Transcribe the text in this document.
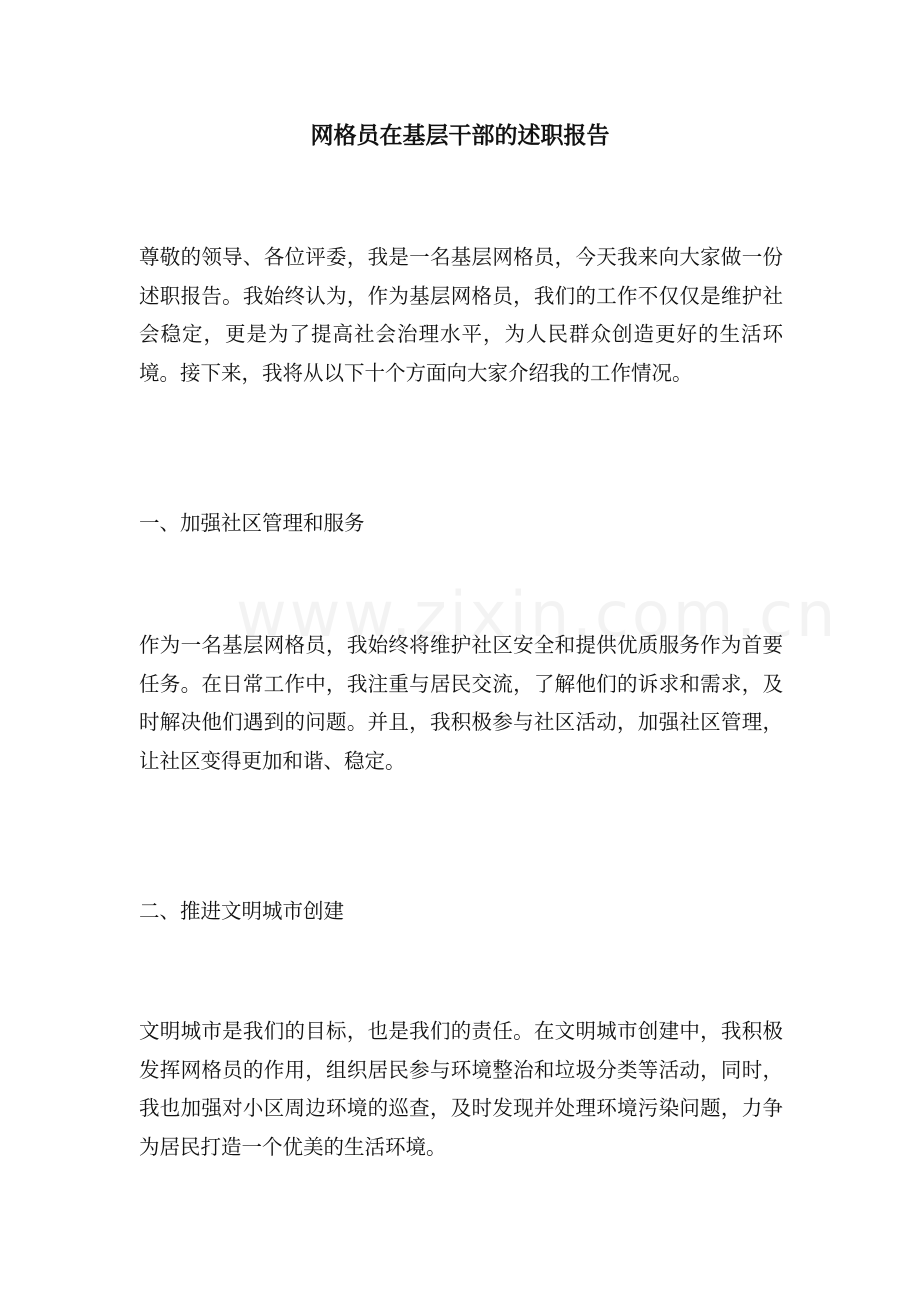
网格员在基层干部的述职报告

尊敬的领导、各位评委，我是一名基层网格员，今天我来向大家做一份述职报告。我始终认为，作为基层网格员，我们的工作不仅仅是维护社会稳定，更是为了提高社会治理水平，为人民群众创造更好的生活环境。接下来，我将从以下十个方面向大家介绍我的工作情况。

一、加强社区管理和服务

作为一名基层网格员，我始终将维护社区安全和提供优质服务作为首要任务。在日常工作中，我注重与居民交流，了解他们的诉求和需求，及时解决他们遇到的问题。并且，我积极参与社区活动，加强社区管理，让社区变得更加和谐、稳定。

二、推进文明城市创建

文明城市是我们的目标，也是我们的责任。在文明城市创建中，我积极发挥网格员的作用，组织居民参与环境整治和垃圾分类等活动，同时，我也加强对小区周边环境的巡查，及时发现并处理环境污染问题，力争为居民打造一个优美的生活环境。
